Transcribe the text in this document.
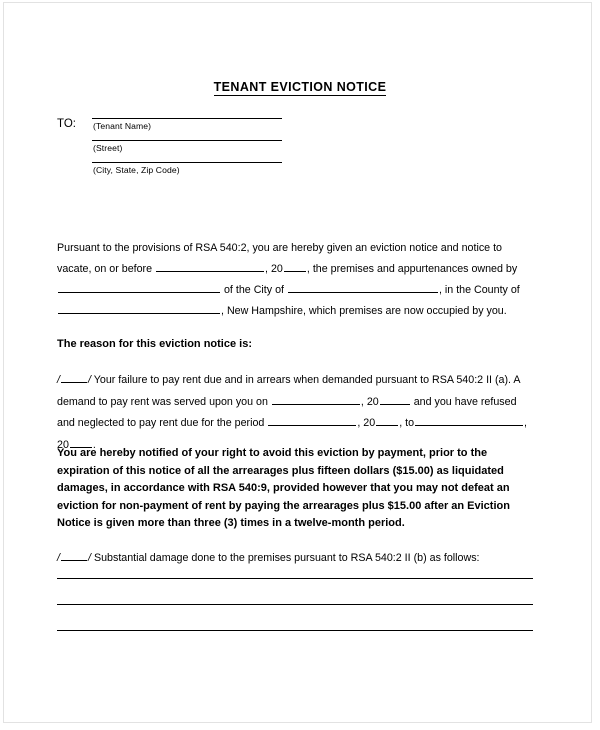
TENANT EVICTION NOTICE
TO: (Tenant Name)
(Street)
(City, State, Zip Code)
Pursuant to the provisions of RSA 540:2, you are hereby given an eviction notice and notice to vacate, on or before	, 20 , the premises and appurtenances owned by  of the City of	, in the County of , New Hampshire, which premises are now occupied by you.
The reason for this eviction notice is:
/	/ Your failure to pay rent due and in arrears when demanded pursuant to RSA 540:2 II (a). A demand to pay rent was served upon you on	, 20	and you have refused and neglected to pay rent due for the period	, 20 , to	, 20 .
You are hereby notified of your right to avoid this eviction by payment, prior to the expiration of this notice of all the arrearages plus fifteen dollars ($15.00) as liquidated damages, in accordance with RSA 540:9, provided however that you may not defeat an eviction for non-payment of rent by paying the arrearages plus $15.00 after an Eviction Notice is given more than three (3) times in a twelve-month period.
/	/ Substantial damage done to the premises pursuant to RSA 540:2 II (b) as follows:
